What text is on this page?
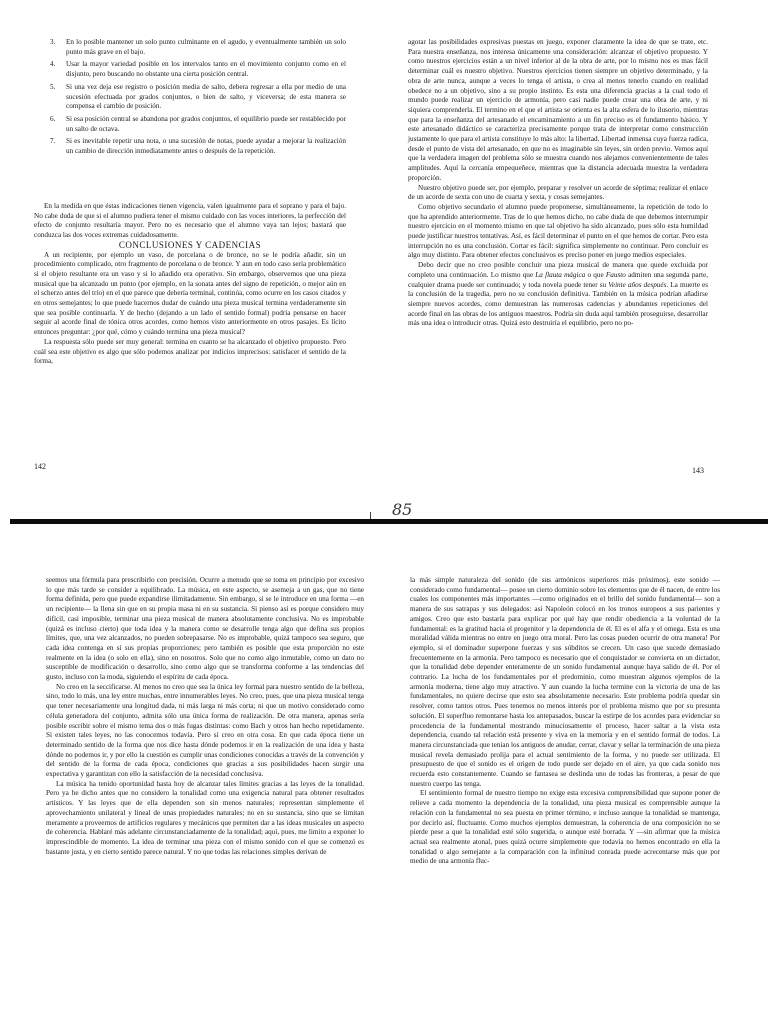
3. En lo posible mantener un solo punto culminante en el agudo, y eventualmente también un solo punto más grave en el bajo.
4. Usar la mayor variedad posible en los intervalos tanto en el movimiento conjunto como en el disjunto, pero buscando no obstante una cierta posición central.
5. Si una vez deja ese registro o posición media de salto, debera regresar a ella por medio de una sucesión efectuada por grados conjuntos, o bien de salto, y viceversa; de esta manera se compensa el cambio de posición.
6. Si esa posición central se abandona por grados conjuntos, el equilibrio puede ser restablecido por un salto de octava.
7. Si es inevitable repetir una nota, o una sucesión de notas, puede ayudar a mejorar la realización un cambio de dirección inmediatamente antes o después de la repetición.

En la medida en que éstas indicaciones tienen vigencia, valen igualmente para el soprano y para el bajo. No cabe duda de que si el alumno pudiera tener el mismo cuidado con las voces interiores, la perfección del efecto de conjunto resultaría mayor. Pero no es necesario que el alumno vaya tan lejos; bastará que conduzca las dos voces extremas cuidadosamente.

CONCLUSIONES Y CADENCIAS

A un recipiente, por ejemplo un vaso, de porcelana o de bronce, no se le podría añadir, sin un procedimiento complicado, otro fragmento de porcelana o de bronce. Y aun en todo caso sería problemático si el objeto resultante era un vaso y si lo añadido era operativo. Sin embargo, observemos que una pieza musical que ha alcanzado un punto (por ejemplo, en la sonata antes del signo de repetición, o mejor aún en el scherzo antes del trío) en el que parece que debería terminal, continúa, como ocurre en los casos citados y en otros semejantes; lo que puede hacernos dudar de cuándo una pieza musical termina verdaderamente sin que sea posible continuarla. Y de hecho (dejando a un lado el sentido formal) podría pensarse en hacer seguir al acorde final de tónica otros acordes, como hemos visto anteriormente en otros pasajes. Es lícito entonces preguntar: ¿por qué, cómo y cuándo termina una pieza musical?

La respuesta sólo puede ser muy general: termina en cuanto se ha alcanzado el objetivo propuesto. Pero cuál sea este objetivo es algo que sólo podemos analizar por indicios imprecisos: satisfacer el sentido de la forma,

142

agotar las posibilidades expresivas puestas en juego, exponer claramente la idea de que se trate, etc. Para nuestra enseñanza, nos interesa únicamente una consideración: alcanzar el objetivo propuesto. Y como nuestros ejercicios están a un nivel inferior al de la obra de arte, por lo mismo nos es mas fácil determinar cuál es nuestro objetivo. Nuestros ejercicios tienen siempre un objetivo determinado, y la obra de arte nunca, aunque a veces lo tenga el artista, o crea al menos tenerlo cuando en realidad obedece no a un objetivo, sino a su propio instinto. Es esta una diferencia gracias a la cual todo el mundo puede realizar un ejercicio de armonía, pero casi nadie puede crear una obra de arte, y ni siquiera comprenderla. El termino en el que el artista se orienta es la alta esfera de lo ilusorio, mientras que para la enseñanza del artesanado el encaminamiento a un fin preciso es el fundamento básico. Y este artesanado didáctico se caracteriza precisamente porque trata de interpretar como construcción justamente lo que para el artista constituye lo más alto: la libertad. Libertad inmensa cuya fuerza radica, desde el punto de vista del artesanado, en que no es imaginable sin leyes, sin orden previo. Vemos aquí que la verdadera imagen del problema sólo se muestra cuando nos alejamos convenientemente de tales amplitudes. Aquí la cercanía empequeñece, mientras que la distancia adecuada muestra la verdadera proporción.

Nuestro objetivo puede ser, por ejemplo, preparar y resolver un acorde de séptima; realizar el enlace de un acorde de sexta con uno de cuarta y sexta, y cosas semejantes.

Como objetivo secundario el alumno puede proponerse, simultáneamente, la repetición de todo lo que ha aprendido anteriormente. Tras de lo que hemos dicho, no cabe duda de que debemos interrumpir nuestro ejercicio en el momento mismo en que tal objetivo ha sido alcanzado, pues sólo esta humildad puede justificar nuestros tentativas. Así, es fácil determinar el punto en el que hemos de cortar. Pero esta interrupción no es una conclusión. Cortar es fácil: significa simplemente no continuar. Pero concluir es algo muy distinto. Para obtener efectos conclusivos es preciso poner en juego medios especiales.

Debo decir que no creo posible concluir una pieza musical de manera que quede excluida por completo una continuación. Lo mismo que La flauta mágica o que Fausto admiten una segunda parte, cualquier drama puede ser continuado; y toda novela puede tener su Veinte años después. La muerte es la conclusión de la tragedia, pero no su conclusión definitiva. También en la música podrían añadirse siempre nuevos acordes, como demuestran las numerosas cadencias y abundantes repeticiones del acorde final en las obras de los antiguos maestros. Podría sin duda aquí también proseguirse, desarrollar más una idea o introducir otras. Quizá esto destruiría el equilibrio, pero no po-

143
85

seemos una fórmula para prescribirlo con precisión. Ocurre a menudo que se toma en principio por excesivo lo que más tarde se consider a equilibrado. La música, en este aspecto, se asemeja a un gas, que no tiene forma definida, pero que puede expandirse ilimitadamente. Sin embargo, si se le introduce en una forma —en un recipiente— la llena sin que en su propia masa ni en su sustancia. Si pienso así es porque considero muy difícil, casi imposible, terminar una pieza musical de manera absolutamente conclusiva. No es improbable (quizá es incluso cierto) que toda idea y la manera como se desarrolle tenga algo que defina sus propios límites, que, una vez alcanzados, no pueden sobrepasarse. No es improbable, quizá tampoco sea seguro, que cada idea contenga en sí sus propias proporciones; pero también es posible que esta proporción no este realmente en la idea (o solo en ella), sino en nosotros. Solo que no como algo inmutable, como un dato no susceptible de modificación o desarrollo, sino como algo que se transforma conforme a las tendencias del gusto, incluso con la moda, siguiendo el espíritu de cada época.

No creo en la seccificarse. Al menos no creo que sea la única ley formal para nuestro sentido de la belleza, sino, todo lo más, una ley entre muchas, entre innumerables leyes. No creo, pues, que una pieza musical tenga que tener necesariamente una longitud dada, ni más larga ni más corta; ni que un motivo considerado como célula generadora del conjunto, admita sólo una única forma de realización. De otra manera, apenas sería posible escribir sobre el mismo tema dos o más fugas distintas: como Bach y otros han hecho repetidamente. Si existen tales leyes, no las conocemos todavía. Pero sí creo en otra cosa. En que cada época tiene un determinado sentido de la forma que nos dice hasta dónde podemos ir en la realización de una idea y hasta dónde no podemos ir, y por ello la cuestión es cumplir unas condiciones conocidas a través de la convención y del sentido de la forma de cada época, condiciones que gracias a sus posibilidades hacen surgir una expectativa y garantizan con ello la satisfacción de la necesidad conclusiva.

La música ha tenido oportunidad hasta hoy de alcanzar tales límites gracias a las leyes de la tonalidad. Pero ya he dicho antes que no considero la tonalidad como una exigencia natural para obtener resultados artísticos. Y las leyes que de ella dependen son sin menos naturales; representan simplemente el aprovechamiento unilateral y lineal de unas propiedades naturales; no en su sustancia, sino que se limitan meramente a proveernos de artificios regulares y mecánicos que permiten dar a las ideas musicales un aspecto de coherencia. Hablaré más adelante circunstanciadamente de la tonalidad; aquí, pues, me limito a exponer lo imprescindible de momento. La idea de terminar una pieza con el mismo sonido con el que se comenzó es bastante justa, y en cierto sentido parece natural. Y no que todas las relaciones simples derivan de

la más simple naturaleza del sonido (de sus armónicos superiores más próximos), este sonido —considerado como fundamental— posee un cierto dominio sobre los elementos que de él nacen, de entre los cuales los componentes más importantes —como originados en el brillo del sonido fundamental— son a manera de sus satrapas y sus delegados: así Napoleón colocó en los tronos europeos a sus parientes y amigos. Creo que esto bastaría para explicar por qué hay que rendir obediencia a la voluntad de la fundamental: es la gratitud hacia el progenitor y la dependencia de él. El es el alfa y el omega. Esta es una moralidad válida mientras no entre en juego otra moral. Pero las cosas pueden ocurrir de otra manera! Por ejemplo, si el dominador superpone fuerzas y sus súbditos se crecen. Un caso que sucede demasiado frecuentemente en la armonía. Pero tampoco es necesario que el conquistador se convierta en un dictador, que la tonalidad debe depender enteramente de un sonido fundamental aunque haya salido de él. Por el contrario. La lucha de los fundamentales por el predominio, como muestran algunos ejemplos de la armonía moderna, tiene algo muy atractivo. Y aun cuando la lucha termine con la victoria de una de las fundamentales, no quiere decirse que esto sea absolutamente necesario. Este problema podría quedar sin resolver, como tantos otros. Pues tenemos no menos interés por el problema mismo que por su presunta solución. El superfluo remontarse hasta los antepasados, buscar la estirpe de los acordes para evidenciar su procedencia de la fundamental mostrando minuciosamente el proceso, hacer saltar a la vista esta dependencia, cuando tal relación está presente y viva en la memoria y en el sentido formal de todos. La manera circunstanciada que tenían los antiguos de anudar, cerrar, clavar y sellar la terminación de una pieza musical revela demasiado prolija para el actual sentimiento de la forma, y no puede ser utilizada. El presupuesto de que el sonido es el origen de todo puede ser dejado en el aire, ya que cada sonido nos recuerda esto constantemente. Cuando se fantasea se deslinda uno de todas las fronteras, a pesar de que nuestro cuerpo las tenga.

El sentimiento formal de nuestro tiempo no exige esta excesiva comprensibilidad que supone poner de relieve a cada momento la dependencia de la tonalidad, una pieza musical es comprensible aunque la relación con la fundamental no sea puesta en primer término, e incluso aunque la tonalidad se mantenga, por decirlo así, fluctuante. Como muchos ejemplos demuestran, la coherencia de una composición no se pierde pese a que la tonalidad esté sólo sugerida, o aunque esté borrada. Y —sin afirmar que la música actual sea realmente atonal, pues quizá ocurre simplemente que todavía no hemos encontrado en ella la tonalidad o algo semejante a la comparación con la infinitud conrada puede acrecentarse más que por medio de una armonía fluc-
